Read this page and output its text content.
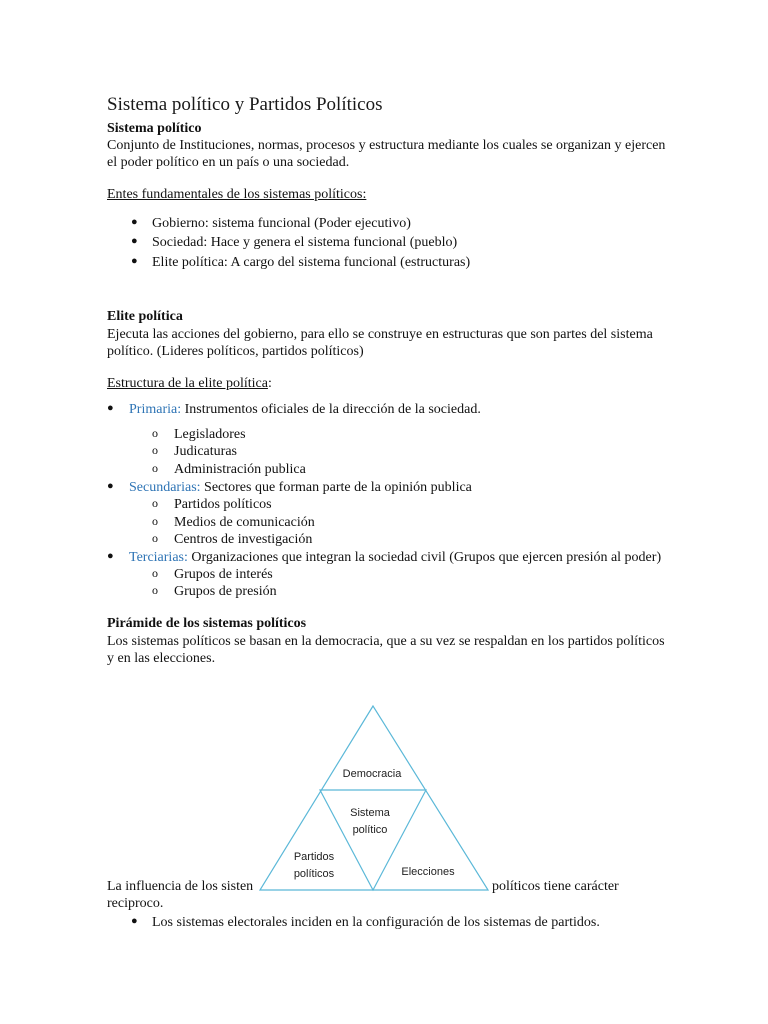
Sistema político y Partidos Políticos
Sistema político
Conjunto de Instituciones, normas, procesos y estructura mediante los cuales se organizan y ejercen
el poder político en un país o una sociedad.
Entes fundamentales de los sistemas políticos:
● Gobierno: sistema funcional (Poder ejecutivo)
● Sociedad: Hace y genera el sistema funcional (pueblo)
● Elite política: A cargo del sistema funcional (estructuras)
Elite política
Ejecuta las acciones del gobierno, para ello se construye en estructuras que son partes del sistema
político. (Lideres políticos, partidos políticos)
Estructura de la elite política:
● Primaria: Instrumentos oficiales de la dirección de la sociedad.
o Legisladores
o Judicaturas
o Administración publica
● Secundarias: Sectores que forman parte de la opinión publica
o Partidos políticos
o Medios de comunicación
o Centros de investigación
● Terciarias: Organizaciones que integran la sociedad civil (Grupos que ejercen presión al poder)
o Grupos de interés
o Grupos de presión
Pirámide de los sistemas políticos
Los sistemas políticos se basan en la democracia, que a su vez se respaldan en los partidos políticos
y en las elecciones.
La influencia de los sisten	políticos tiene carácter
reciproco.
● Los sistemas electorales inciden en la configuración de los sistemas de partidos.
Democracia
Sistema
político
Partidos
políticos	Elecciones
